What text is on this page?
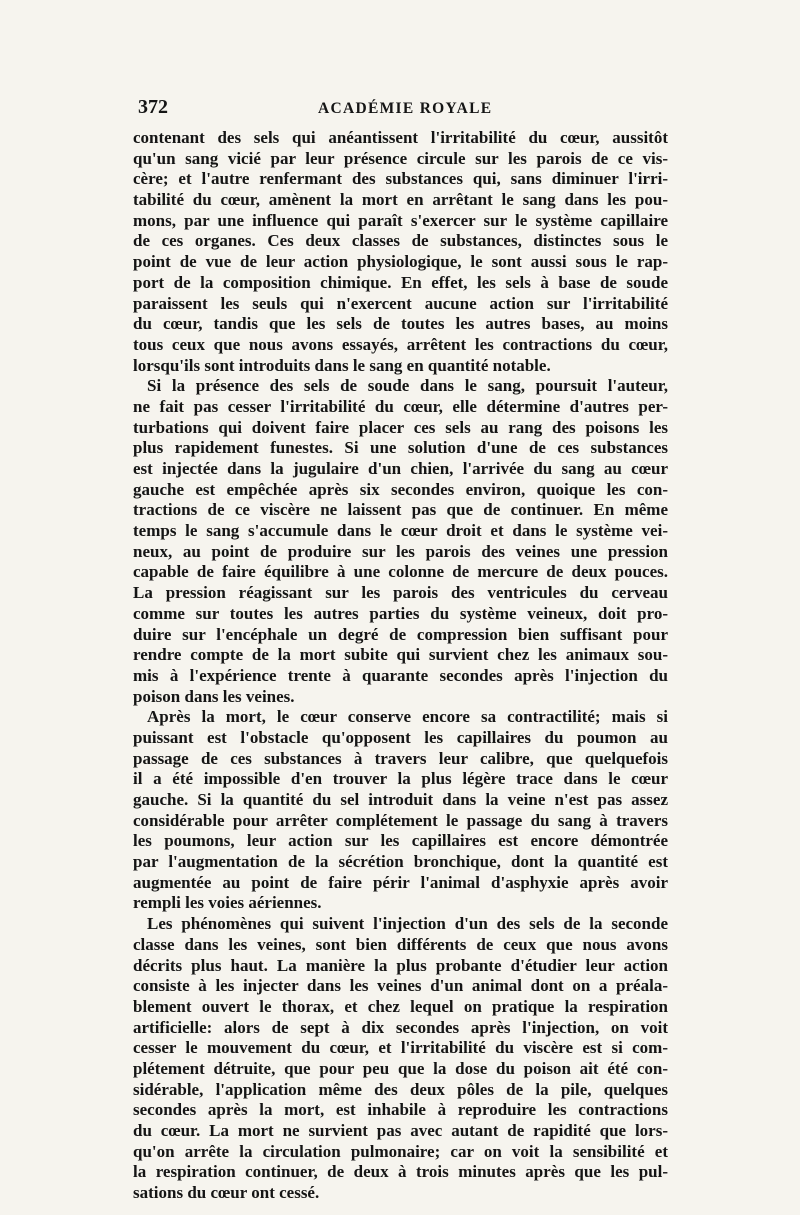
372	ACADÉMIE ROYALE
contenant des sels qui anéantissent l'irritabilité du cœur, aussitôt
qu'un sang vicié par leur présence circule sur les parois de ce vis-
cère; et l'autre renfermant des substances qui, sans diminuer l'irri-
tabilité du cœur, amènent la mort en arrêtant le sang dans les pou-
mons, par une influence qui paraît s'exercer sur le système capillaire
de ces organes. Ces deux classes de substances, distinctes sous le
point de vue de leur action physiologique, le sont aussi sous le rap-
port de la composition chimique. En effet, les sels à base de soude
paraissent les seuls qui n'exercent aucune action sur l'irritabilité
du cœur, tandis que les sels de toutes les autres bases, au moins
tous ceux que nous avons essayés, arrêtent les contractions du cœur,
lorsqu'ils sont introduits dans le sang en quantité notable.
Si la présence des sels de soude dans le sang, poursuit l'auteur,
ne fait pas cesser l'irritabilité du cœur, elle détermine d'autres per-
turbations qui doivent faire placer ces sels au rang des poisons les
plus rapidement funestes. Si une solution d'une de ces substances
est injectée dans la jugulaire d'un chien, l'arrivée du sang au cœur
gauche est empêchée après six secondes environ, quoique les con-
tractions de ce viscère ne laissent pas que de continuer. En même
temps le sang s'accumule dans le cœur droit et dans le système vei-
neux, au point de produire sur les parois des veines une pression
capable de faire équilibre à une colonne de mercure de deux pouces.
La pression réagissant sur les parois des ventricules du cerveau
comme sur toutes les autres parties du système veineux, doit pro-
duire sur l'encéphale un degré de compression bien suffisant pour
rendre compte de la mort subite qui survient chez les animaux sou-
mis à l'expérience trente à quarante secondes après l'injection du
poison dans les veines.
Après la mort, le cœur conserve encore sa contractilité; mais si
puissant est l'obstacle qu'opposent les capillaires du poumon au
passage de ces substances à travers leur calibre, que quelquefois
il a été impossible d'en trouver la plus légère trace dans le cœur
gauche. Si la quantité du sel introduit dans la veine n'est pas assez
considérable pour arrêter complétement le passage du sang à travers
les poumons, leur action sur les capillaires est encore démontrée
par l'augmentation de la sécrétion bronchique, dont la quantité est
augmentée au point de faire périr l'animal d'asphyxie après avoir
rempli les voies aériennes.
Les phénomènes qui suivent l'injection d'un des sels de la seconde
classe dans les veines, sont bien différents de ceux que nous avons
décrits plus haut. La manière la plus probante d'étudier leur action
consiste à les injecter dans les veines d'un animal dont on a préala-
blement ouvert le thorax, et chez lequel on pratique la respiration
artificielle: alors de sept à dix secondes après l'injection, on voit
cesser le mouvement du cœur, et l'irritabilité du viscère est si com-
plétement détruite, que pour peu que la dose du poison ait été con-
sidérable, l'application même des deux pôles de la pile, quelques
secondes après la mort, est inhabile à reproduire les contractions
du cœur. La mort ne survient pas avec autant de rapidité que lors-
qu'on arrête la circulation pulmonaire; car on voit la sensibilité et
la respiration continuer, de deux à trois minutes après que les pul-
sations du cœur ont cessé.
